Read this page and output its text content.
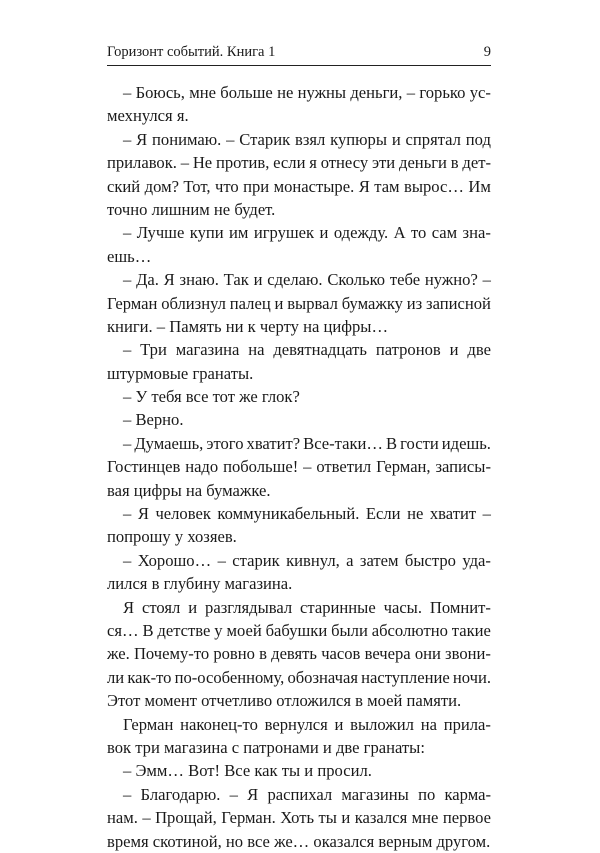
Горизонт событий. Книга 1	9
– Боюсь, мне больше не нужны деньги, – горько ус-
мехнулся я.
– Я понимаю. – Старик взял купюры и спрятал под
прилавок. – Не против, если я отнесу эти деньги в дет-
ский дом? Тот, что при монастыре. Я там вырос… Им
точно лишним не будет.
– Лучше купи им игрушек и одежду. А то сам зна-
ешь…
– Да. Я знаю. Так и сделаю. Сколько тебе нужно? –
Герман облизнул палец и вырвал бумажку из записной
книги. – Память ни к черту на цифры…
– Три магазина на девятнадцать патронов и две
штурмовые гранаты.
– У тебя все тот же глок?
– Верно.
– Думаешь, этого хватит? Все-таки… В гости идешь.
Гостинцев надо побольше! – ответил Герман, записы-
вая цифры на бумажке.
– Я человек коммуникабельный. Если не хватит –
попрошу у хозяев.
– Хорошо… – старик кивнул, а затем быстро уда-
лился в глубину магазина.
Я стоял и разглядывал старинные часы. Помнит-
ся… В детстве у моей бабушки были абсолютно такие
же. Почему-то ровно в девять часов вечера они звони-
ли как-то по-особенному, обозначая наступление ночи.
Этот момент отчетливо отложился в моей памяти.
Герман наконец-то вернулся и выложил на прила-
вок три магазина с патронами и две гранаты:
– Эмм… Вот! Все как ты и просил.
– Благодарю. – Я распихал магазины по карма-
нам. – Прощай, Герман. Хоть ты и казался мне первое
время скотиной, но все же… оказался верным другом.
